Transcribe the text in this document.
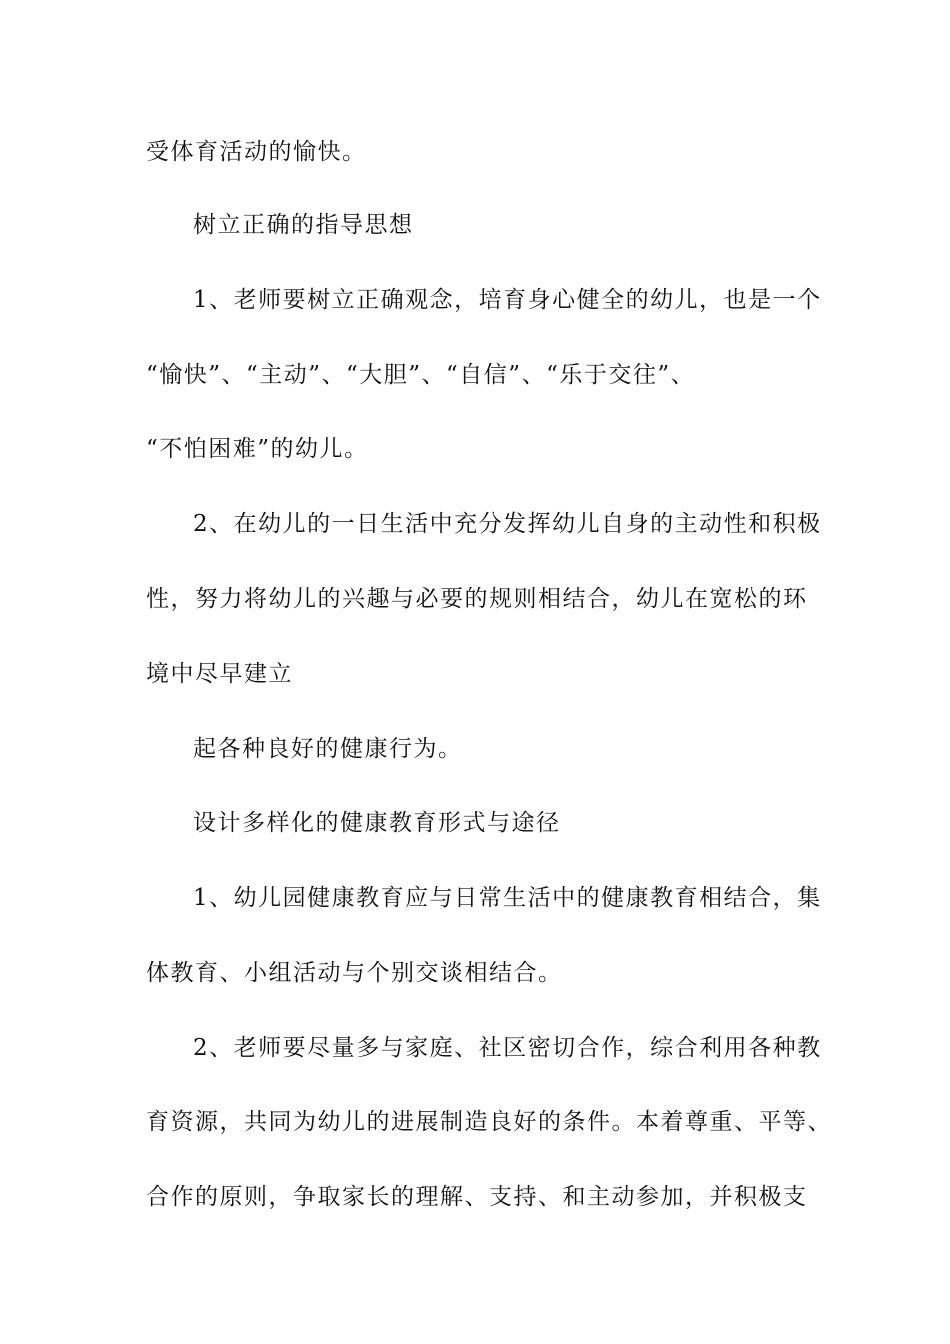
受体育活动的愉快。
树立正确的指导思想
1、老师要树立正确观念，培育身心健全的幼儿，也是一个
“愉快”、“主动”、“大胆”、“自信”、“乐于交往”、
“不怕困难”的幼儿。
2、在幼儿的一日生活中充分发挥幼儿自身的主动性和积极
性，努力将幼儿的兴趣与必要的规则相结合，幼儿在宽松的环
境中尽早建立
起各种良好的健康行为。
设计多样化的健康教育形式与途径
1、幼儿园健康教育应与日常生活中的健康教育相结合，集
体教育、小组活动与个别交谈相结合。
2、老师要尽量多与家庭、社区密切合作，综合利用各种教
育资源，共同为幼儿的进展制造良好的条件。本着尊重、平等、
合作的原则，争取家长的理解、支持、和主动参加，并积极支
